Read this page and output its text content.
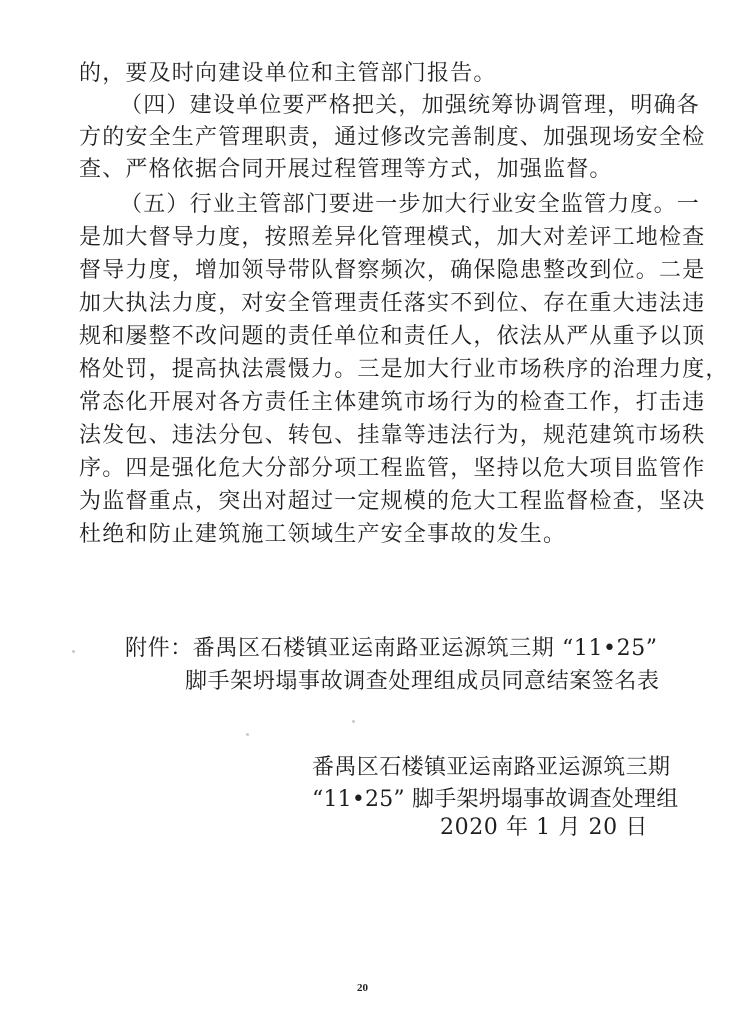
的，要及时向建设单位和主管部门报告。
（四）建设单位要严格把关，加强统筹协调管理，明确各
方的安全生产管理职责，通过修改完善制度、加强现场安全检
查、严格依据合同开展过程管理等方式，加强监督。
（五）行业主管部门要进一步加大行业安全监管力度。一
是加大督导力度，按照差异化管理模式，加大对差评工地检查
督导力度，增加领导带队督察频次，确保隐患整改到位。二是
加大执法力度，对安全管理责任落实不到位、存在重大违法违
规和屡整不改问题的责任单位和责任人，依法从严从重予以顶
格处罚，提高执法震慑力。三是加大行业市场秩序的治理力度，
常态化开展对各方责任主体建筑市场行为的检查工作，打击违
法发包、违法分包、转包、挂靠等违法行为，规范建筑市场秩
序。四是强化危大分部分项工程监管，坚持以危大项目监管作
为监督重点，突出对超过一定规模的危大工程监督检查，坚决
杜绝和防止建筑施工领域生产安全事故的发生。
附件：番禺区石楼镇亚运南路亚运源筑三期 “11•25”
脚手架坍塌事故调查处理组成员同意结案签名表
番禺区石楼镇亚运南路亚运源筑三期
“11•25” 脚手架坍塌事故调查处理组
2020 年 1 月 20 日
20
